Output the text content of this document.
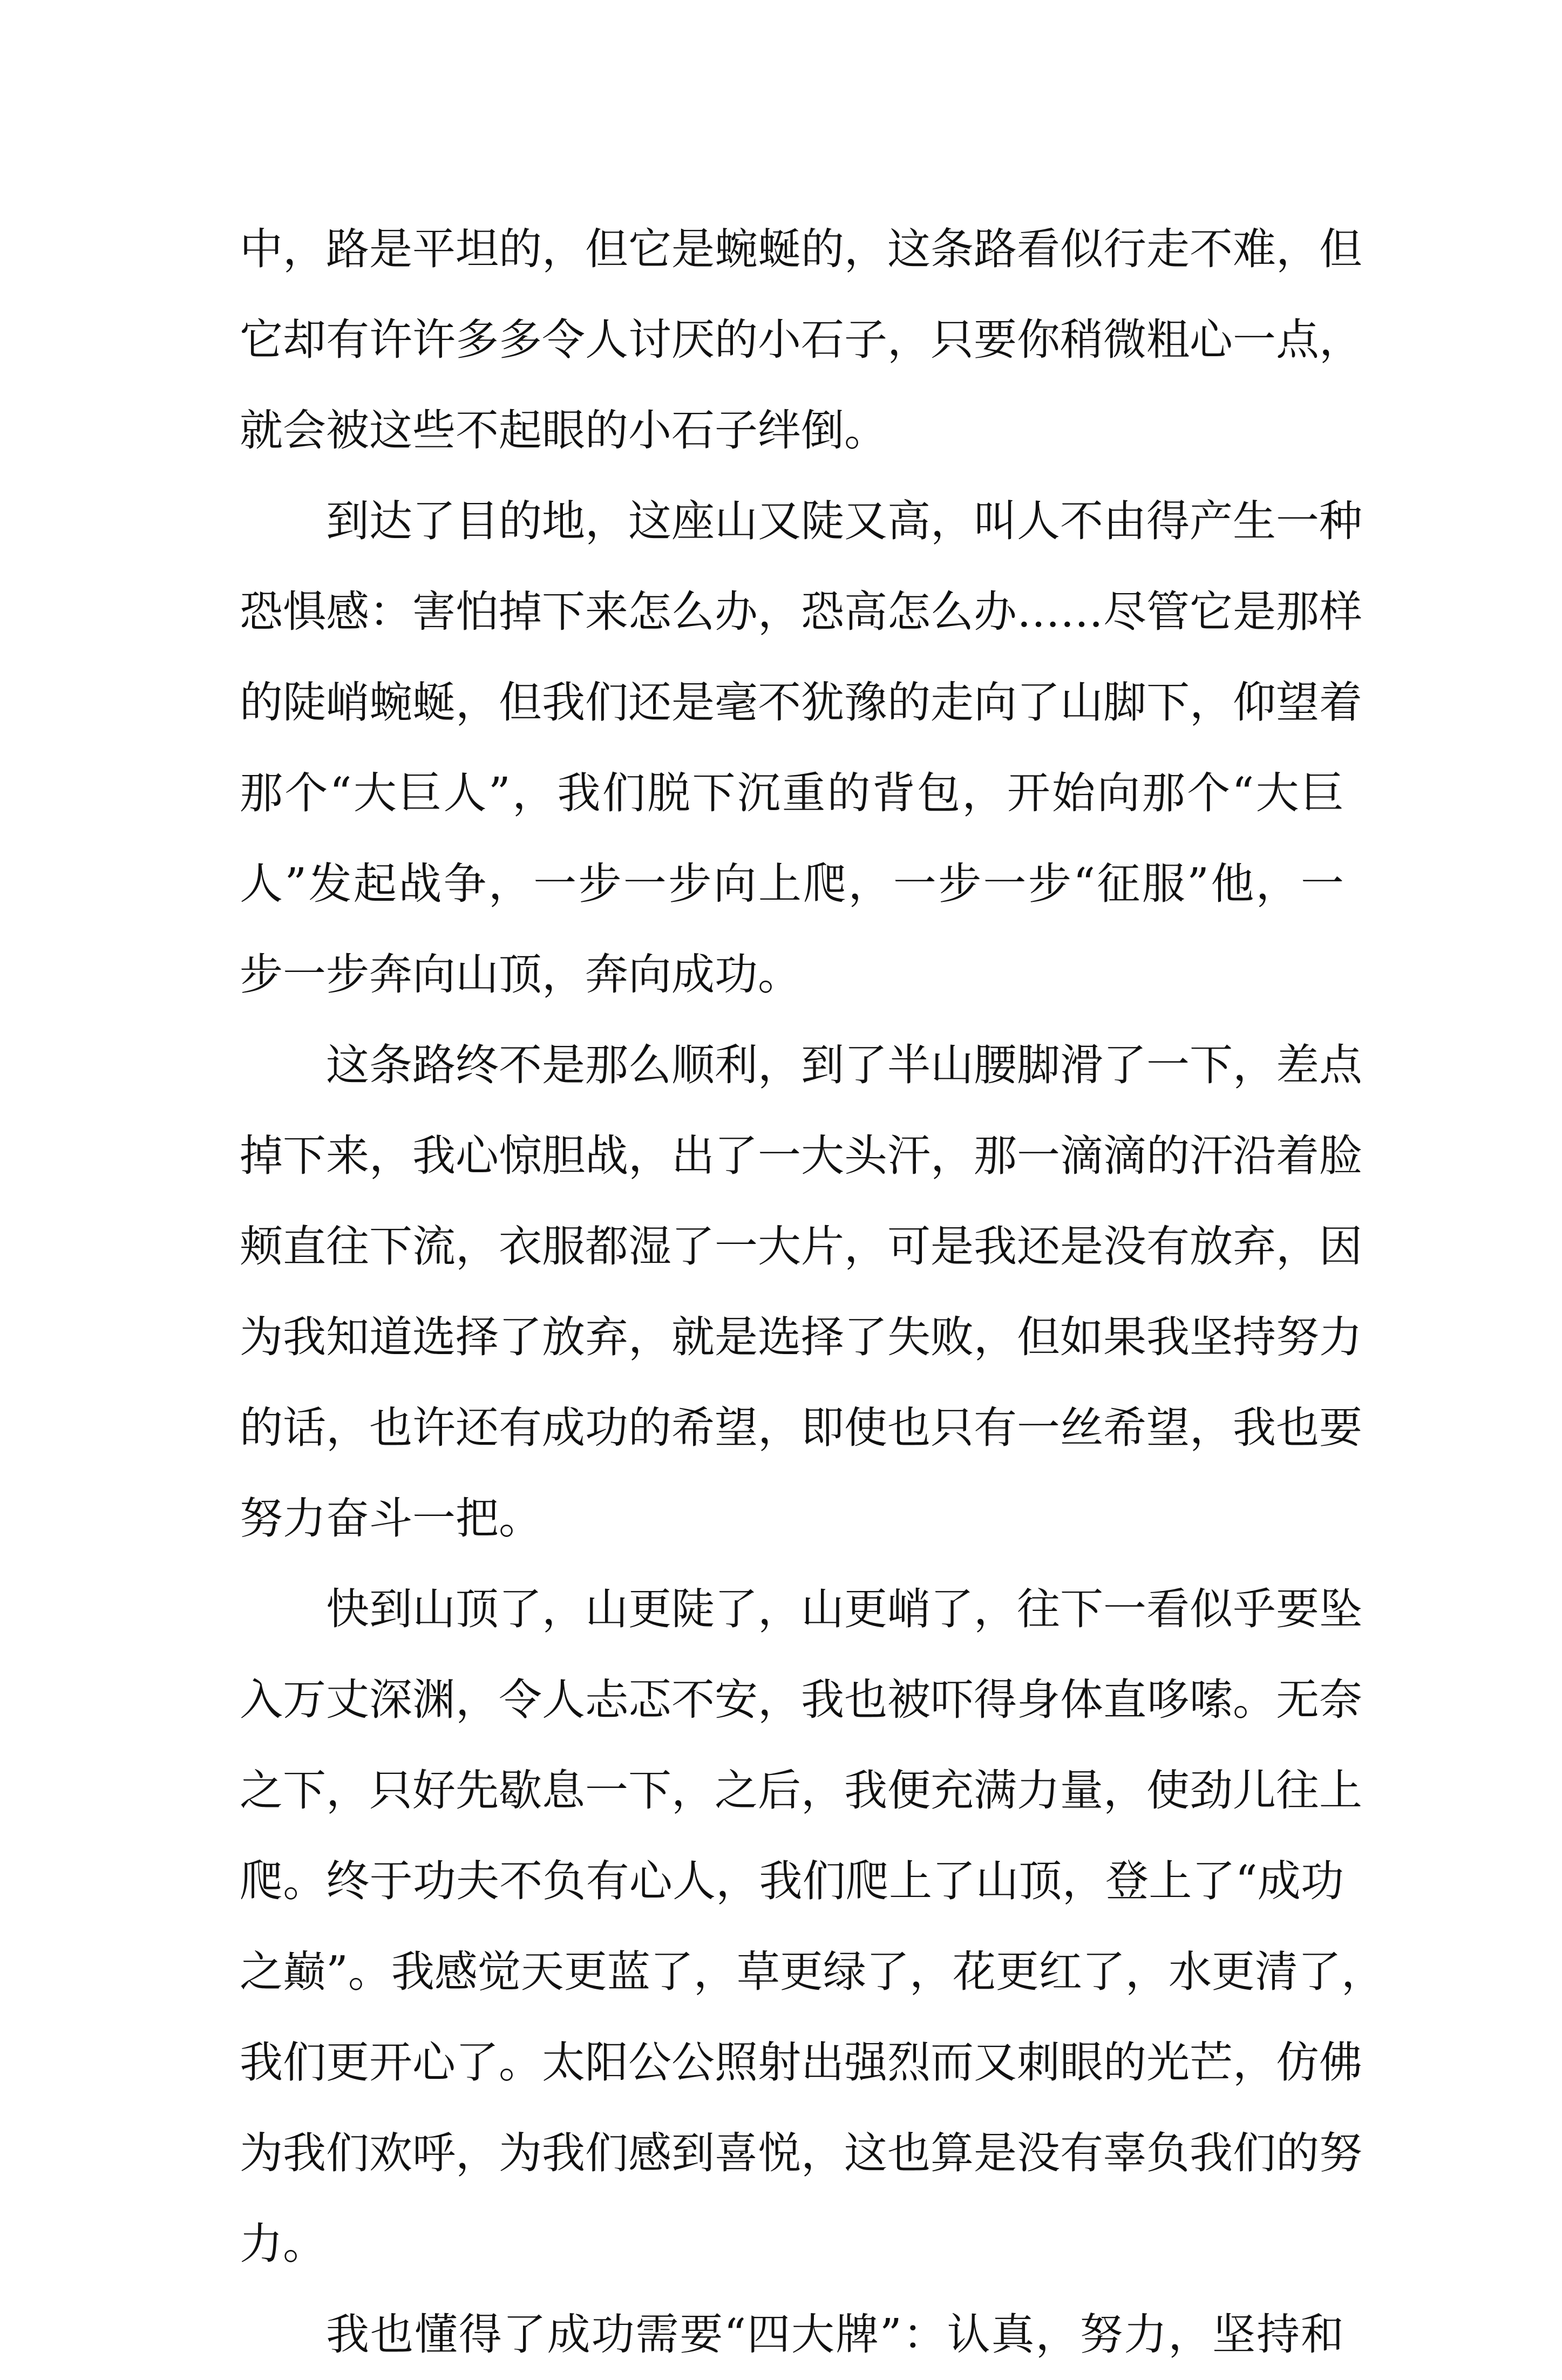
中，路是平坦的，但它是蜿蜒的，这条路看似行走不难，但
它却有许许多多令人讨厌的小石子，只要你稍微粗心一点，
就会被这些不起眼的小石子绊倒。
到达了目的地，这座山又陡又高，叫人不由得产生一种
恐惧感：害怕掉下来怎么办，恐高怎么办……尽管它是那样
的陡峭蜿蜒，但我们还是毫不犹豫的走向了山脚下，仰望着
那个“大巨人”，我们脱下沉重的背包，开始向那个“大巨
人”发起战争，一步一步向上爬，一步一步“征服”他，一
步一步奔向山顶，奔向成功。
这条路终不是那么顺利，到了半山腰脚滑了一下，差点
掉下来，我心惊胆战，出了一大头汗，那一滴滴的汗沿着脸
颊直往下流，衣服都湿了一大片，可是我还是没有放弃，因
为我知道选择了放弃，就是选择了失败，但如果我坚持努力
的话，也许还有成功的希望，即使也只有一丝希望，我也要
努力奋斗一把。
快到山顶了，山更陡了，山更峭了，往下一看似乎要坠
入万丈深渊，令人忐忑不安，我也被吓得身体直哆嗦。无奈
之下，只好先歇息一下，之后，我便充满力量，使劲儿往上
爬。终于功夫不负有心人，我们爬上了山顶，登上了“成功
之巅”。我感觉天更蓝了，草更绿了，花更红了，水更清了，
我们更开心了。太阳公公照射出强烈而又刺眼的光芒，仿佛
为我们欢呼，为我们感到喜悦，这也算是没有辜负我们的努
力。
我也懂得了成功需要“四大牌”：认真，努力，坚持和
